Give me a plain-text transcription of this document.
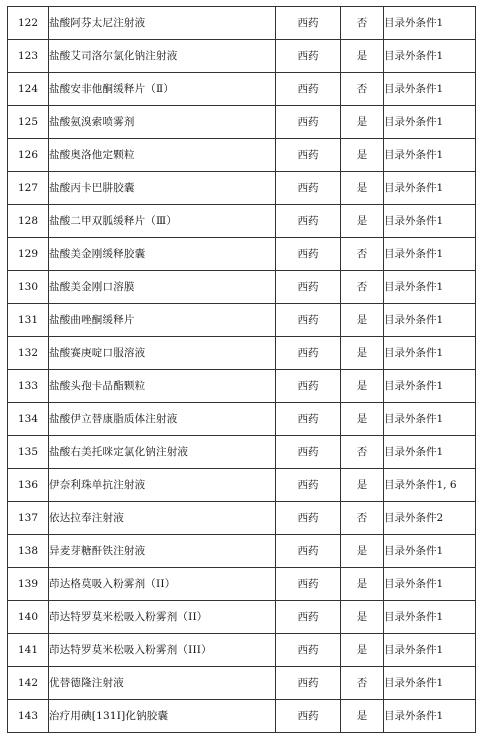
122	盐酸阿芬太尼注射液	西药	否	目录外条件1
123	盐酸艾司洛尔氯化钠注射液	西药	是	目录外条件1
124	盐酸安非他酮缓释片（Ⅱ）	西药	否	目录外条件1
125	盐酸氨溴索喷雾剂	西药	是	目录外条件1
126	盐酸奥洛他定颗粒	西药	是	目录外条件1
127	盐酸丙卡巴肼胶囊	西药	是	目录外条件1
128	盐酸二甲双胍缓释片（Ⅲ）	西药	是	目录外条件1
129	盐酸美金刚缓释胶囊	西药	否	目录外条件1
130	盐酸美金刚口溶膜	西药	否	目录外条件1
131	盐酸曲唑酮缓释片	西药	是	目录外条件1
132	盐酸赛庚啶口服溶液	西药	是	目录外条件1
133	盐酸头孢卡品酯颗粒	西药	是	目录外条件1
134	盐酸伊立替康脂质体注射液	西药	是	目录外条件1
135	盐酸右美托咪定氯化钠注射液	西药	否	目录外条件1
136	伊奈利珠单抗注射液	西药	是	目录外条件1, 6
137	依达拉奉注射液	西药	否	目录外条件2
138	异麦芽糖酐铁注射液	西药	是	目录外条件1
139	茚达格莫吸入粉雾剂（II）	西药	是	目录外条件1
140	茚达特罗莫米松吸入粉雾剂（II）	西药	是	目录外条件1
141	茚达特罗莫米松吸入粉雾剂（III）	西药	是	目录外条件1
142	优替德隆注射液	西药	否	目录外条件1
143	治疗用碘[131I]化钠胶囊	西药	是	目录外条件1
